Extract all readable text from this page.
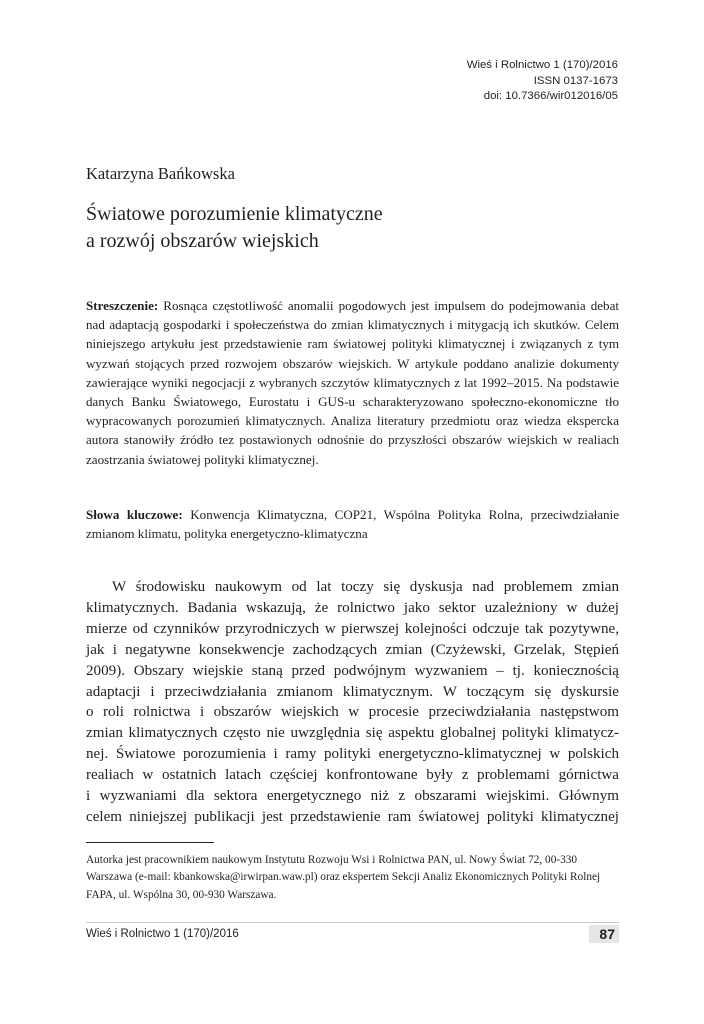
Wieś i Rolnictwo 1 (170)/2016
ISSN 0137-1673
doi: 10.7366/wir012016/05
Katarzyna Bańkowska
Światowe porozumienie klimatyczne
a rozwój obszarów wiejskich

Streszczenie: Rosnąca częstotliwość anomalii pogodowych jest impulsem do podejmowania debat nad adaptacją gospodarki i społeczeństwa do zmian klimatycznych i mitygacją ich skutków. Celem niniejszego artykułu jest przedstawienie ram światowej polityki klimatycznej i związanych z tym wyzwań stojących przed rozwojem obszarów wiejskich. W artykule poddano analizie dokumenty zawierające wyniki negocjacji z wybranych szczytów klimatycznych z lat 1992–2015. Na podstawie danych Banku Światowego, Eurostatu i GUS-u scharakteryzowano społeczno-ekonomiczne tło wypracowanych porozumień klimatycznych. Analiza literatury przedmiotu oraz wiedza ekspercka autora stanowiły źródło tez postawionych odnośnie do przyszłości obszarów wiejskich w realiach zaostrzania światowej polityki klimatycznej.

Słowa kluczowe: Konwencja Klimatyczna, COP21, Wspólna Polityka Rolna, przeciwdziałanie zmianom klimatu, polityka energetyczno-klimatyczna

W środowisku naukowym od lat toczy się dyskusja nad problemem zmian
klimatycznych. Badania wskazują, że rolnictwo jako sektor uzależniony w dużej
mierze od czynników przyrodniczych w pierwszej kolejności odczuje tak pozytywne,
jak i negatywne konsekwencje zachodzących zmian (Czyżewski, Grzelak, Stępień
2009). Obszary wiejskie staną przed podwójnym wyzwaniem – tj. koniecznością
adaptacji i przeciwdziałania zmianom klimatycznym. W toczącym się dyskursie
o roli rolnictwa i obszarów wiejskich w procesie przeciwdziałania następstwom
zmian klimatycznych często nie uwzględnia się aspektu globalnej polityki klimatycz-
nej. Światowe porozumienia i ramy polityki energetyczno-klimatycznej w polskich
realiach w ostatnich latach częściej konfrontowane były z problemami górnictwa
i wyzwaniami dla sektora energetycznego niż z obszarami wiejskimi. Głównym
celem niniejszej publikacji jest przedstawienie ram światowej polityki klimatycznej

Autorka jest pracownikiem naukowym Instytutu Rozwoju Wsi i Rolnictwa PAN, ul. Nowy Świat 72, 00-330 Warszawa (e-mail: kbankowska@irwirpan.waw.pl) oraz ekspertem Sekcji Analiz Ekonomicznych Polityki Rolnej FAPA, ul. Wspólna 30, 00-930 Warszawa.

Wieś i Rolnictwo 1 (170)/2016	87
